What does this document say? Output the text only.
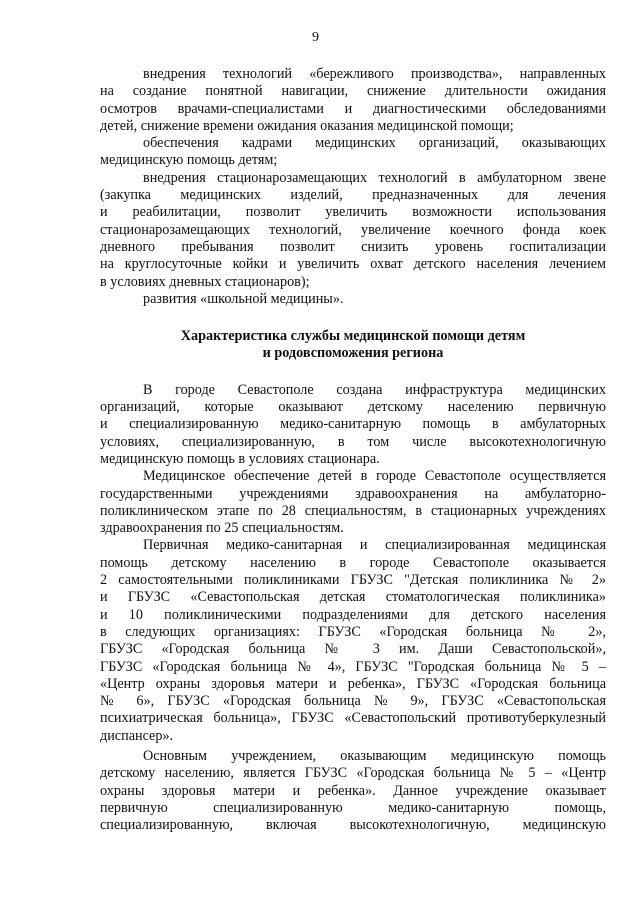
9
внедрения технологий «бережливого производства», направленных
на создание понятной навигации, снижение длительности ожидания
осмотров врачами-специалистами и диагностическими обследованиями
детей, снижение времени ожидания оказания медицинской помощи;
обеспечения кадрами медицинских организаций, оказывающих
медицинскую помощь детям;
внедрения стационарозамещающих технологий в амбулаторном звене
(закупка медицинских изделий, предназначенных для лечения
и реабилитации, позволит увеличить возможности использования
стационарозамещающих технологий, увеличение коечного фонда коек
дневного пребывания позволит снизить уровень госпитализации
на круглосуточные койки и увеличить охват детского населения лечением
в условиях дневных стационаров);
развития «школьной медицины».
Характеристика службы медицинской помощи детям
и родовспоможения региона
В городе Севастополе создана инфраструктура медицинских
организаций, которые оказывают детскому населению первичную
и специализированную медико-санитарную помощь в амбулаторных
условиях, специализированную, в том числе высокотехнологичную
медицинскую помощь в условиях стационара.
Медицинское обеспечение детей в городе Севастополе осуществляется
государственными учреждениями здравоохранения на амбулаторно-
поликлиническом этапе по 28 специальностям, в стационарных учреждениях
здравоохранения по 25 специальностям.
Первичная медико-санитарная и специализированная медицинская
помощь детскому населению в городе Севастополе оказывается
2 самостоятельными поликлиниками ГБУЗС "Детская поликлиника № 2»
и ГБУЗС «Севастопольская детская стоматологическая поликлиника»
и 10 поликлиническими подразделениями для детского населения
в следующих организациях: ГБУЗС «Городская больница № 2»,
ГБУЗС «Городская больница № 3 им. Даши Севастопольской»,
ГБУЗС «Городская больница № 4», ГБУЗС "Городская больница № 5 –
«Центр охраны здоровья матери и ребенка», ГБУЗС «Городская больница
№ 6», ГБУЗС «Городская больница № 9», ГБУЗС «Севастопольская
психиатрическая больница», ГБУЗС «Севастопольский противотуберкулезный
диспансер».
Основным учреждением, оказывающим медицинскую помощь
детскому населению, является ГБУЗС «Городская больница № 5 – «Центр
охраны здоровья матери и ребенка». Данное учреждение оказывает
первичную специализированную медико-санитарную помощь,
специализированную, включая высокотехнологичную, медицинскую
